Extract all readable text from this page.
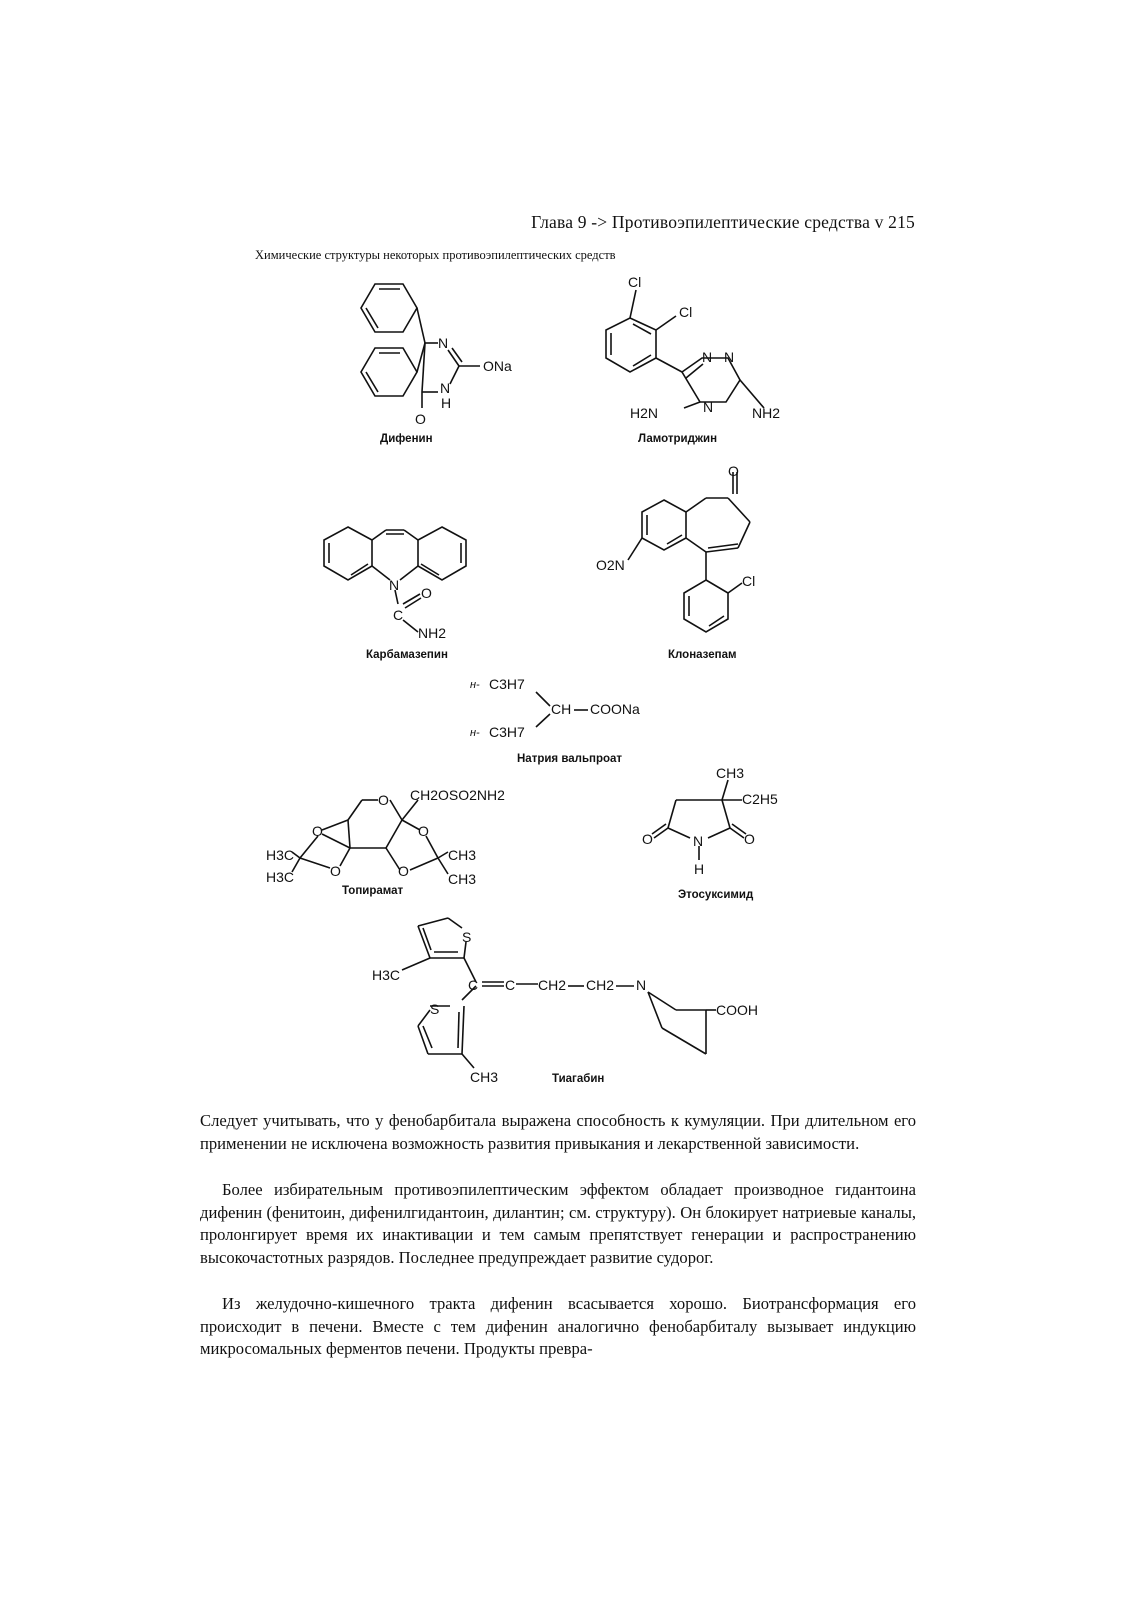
Глава 9 -> Противоэпилептические средства v 215
Химические структуры некоторых противоэпилептических средств
N
ONa
N
H
O
Дифенин
Cl
Cl
N N
N
H2N	NH2
Ламотриджин
N
C
O
NH2
Карбамазепин
O
O2N
Cl
Клоназепам
н- C3H7
н- C3H7
CH COONa
Натрия вальпроат
O CH2OSO2NH2
O
O
O
O
H3C
H3C
CH3
CH3
Топирамат
CH3
C2H5
O	O
N
H
Этосуксимид
S
S
H3C
C C CH2 CH2 N
COOH
CH3	Тиагабин
Следует учитывать, что у фенобарбитала выражена способность к кумуляции. При длительном его применении не исключена возможность развития привыкания и лекарственной зависимости.
Более избирательным противоэпилептическим эффектом обладает производное гидантоина дифенин (фенитоин, дифенилгидантоин, дилантин; см. структуру). Он блокирует натриевые каналы, пролонгирует время их инактивации и тем самым препятствует генерации и распространению высокочастотных разрядов. Последнее предупреждает развитие судорог.
Из желудочно-кишечного тракта дифенин всасывается хорошо. Биотрансформация его происходит в печени. Вместе с тем дифенин аналогично фенобарбиталу вызывает индукцию микросомальных ферментов печени. Продукты превра-
